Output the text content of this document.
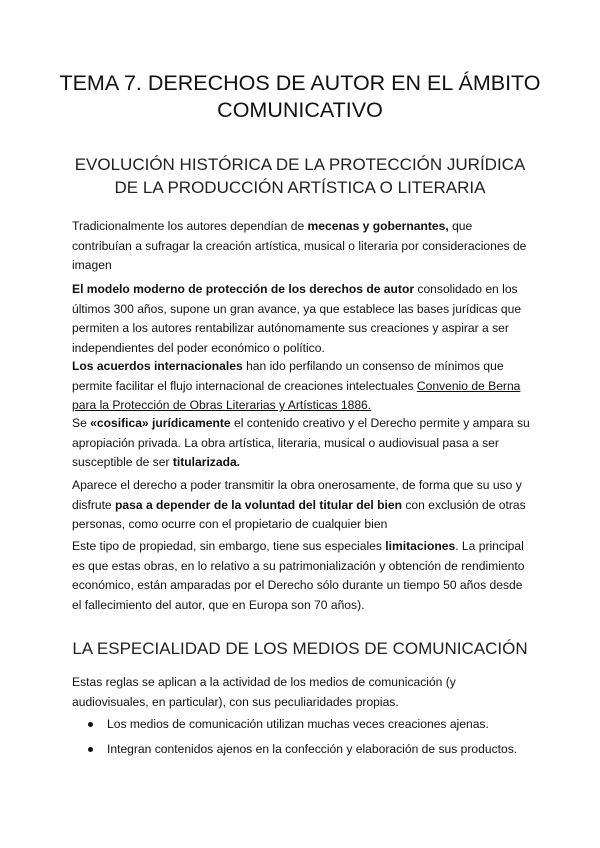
TEMA 7. DERECHOS DE AUTOR EN EL ÁMBITO
COMUNICATIVO
EVOLUCIÓN HISTÓRICA DE LA PROTECCIÓN JURÍDICA
DE LA PRODUCCIÓN ARTÍSTICA O LITERARIA

Tradicionalmente los autores dependían de mecenas y gobernantes, que contribuían a sufragar la creación artística, musical o literaria por consideraciones de imagen

El modelo moderno de protección de los derechos de autor consolidado en los últimos 300 años, supone un gran avance, ya que establece las bases jurídicas que permiten a los autores rentabilizar autónomamente sus creaciones y aspirar a ser independientes del poder económico o político.

Los acuerdos internacionales han ido perfilando un consenso de mínimos que permite facilitar el flujo internacional de creaciones intelectuales Convenio de Berna para la Protección de Obras Literarias y Artísticas 1886.

Se «cosifica» jurídicamente el contenido creativo y el Derecho permite y ampara su apropiación privada. La obra artística, literaria, musical o audiovisual pasa a ser susceptible de ser titularizada.

Aparece el derecho a poder transmitir la obra onerosamente, de forma que su uso y disfrute pasa a depender de la voluntad del titular del bien con exclusión de otras personas, como ocurre con el propietario de cualquier bien

Este tipo de propiedad, sin embargo, tiene sus especiales limitaciones. La principal es que estas obras, en lo relativo a su patrimonialización y obtención de rendimiento económico, están amparadas por el Derecho sólo durante un tiempo 50 años desde el fallecimiento del autor, que en Europa son 70 años).

LA ESPECIALIDAD DE LOS MEDIOS DE COMUNICACIÓN

Estas reglas se aplican a la actividad de los medios de comunicación (y audiovisuales, en particular), con sus peculiaridades propias.

Los medios de comunicación utilizan muchas veces creaciones ajenas.
Integran contenidos ajenos en la confección y elaboración de sus productos.
